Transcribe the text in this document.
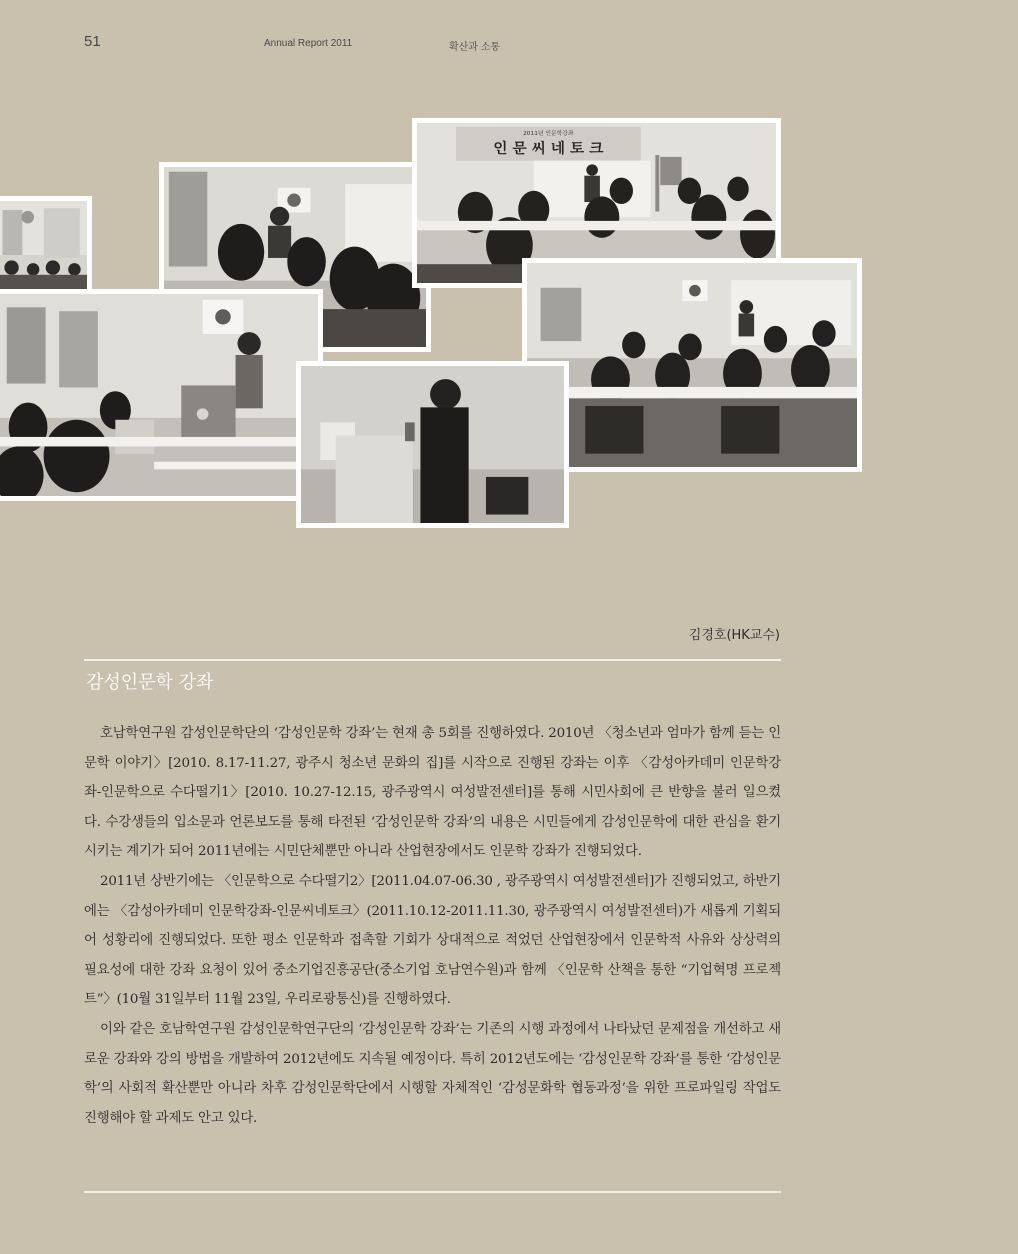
51	Annual Report 2011	확산과 소통
2011년 인문학강좌
인 문 씨 네 토 크
김경호(HK교수)
감성인문학 강좌

호남학연구원 감성인문학단의 ‘감성인문학 강좌’는 현재 총 5회를 진행하였다. 2010년 〈청소년과 엄마가 함께 듣는 인문학 이야기〉[2010. 8.17-11.27, 광주시 청소년 문화의 집]를 시작으로 진행된 강좌는 이후 〈감성아카데미 인문학강좌-인문학으로 수다떨기1〉[2010. 10.27-12.15, 광주광역시 여성발전센터]를 통해 시민사회에 큰 반향을 불러 일으켰다. 수강생들의 입소문과 언론보도를 통해 타전된 ‘감성인문학 강좌’의 내용은 시민들에게 감성인문학에 대한 관심을 환기시키는 계기가 되어 2011년에는 시민단체뿐만 아니라 산업현장에서도 인문학 강좌가 진행되었다.

2011년 상반기에는 〈인문학으로 수다떨기2〉[2011.04.07-06.30 , 광주광역시 여성발전센터]가 진행되었고, 하반기에는 〈감성아카데미 인문학강좌-인문씨네토크〉(2011.10.12-2011.11.30, 광주광역시 여성발전센터)가 새롭게 기획되어 성황리에 진행되었다. 또한 평소 인문학과 접촉할 기회가 상대적으로 적었던 산업현장에서 인문학적 사유와 상상력의 필요성에 대한 강좌 요청이 있어 중소기업진흥공단(중소기업 호남연수원)과 함께 〈인문학 산책을 통한 “기업혁명 프로젝트”〉(10월 31일부터 11월 23일, 우리로광통신)를 진행하였다.

이와 같은 호남학연구원 감성인문학연구단의 ‘감성인문학 강좌’는 기존의 시행 과정에서 나타났던 문제점을 개선하고 새로운 강좌와 강의 방법을 개발하여 2012년에도 지속될 예정이다. 특히 2012년도에는 ‘감성인문학 강좌’를 통한 ‘감성인문학’의 사회적 확산뿐만 아니라 차후 감성인문학단에서 시행할 자체적인 ‘감성문화학 협동과정’을 위한 프로파일링 작업도 진행해야 할 과제도 안고 있다.
